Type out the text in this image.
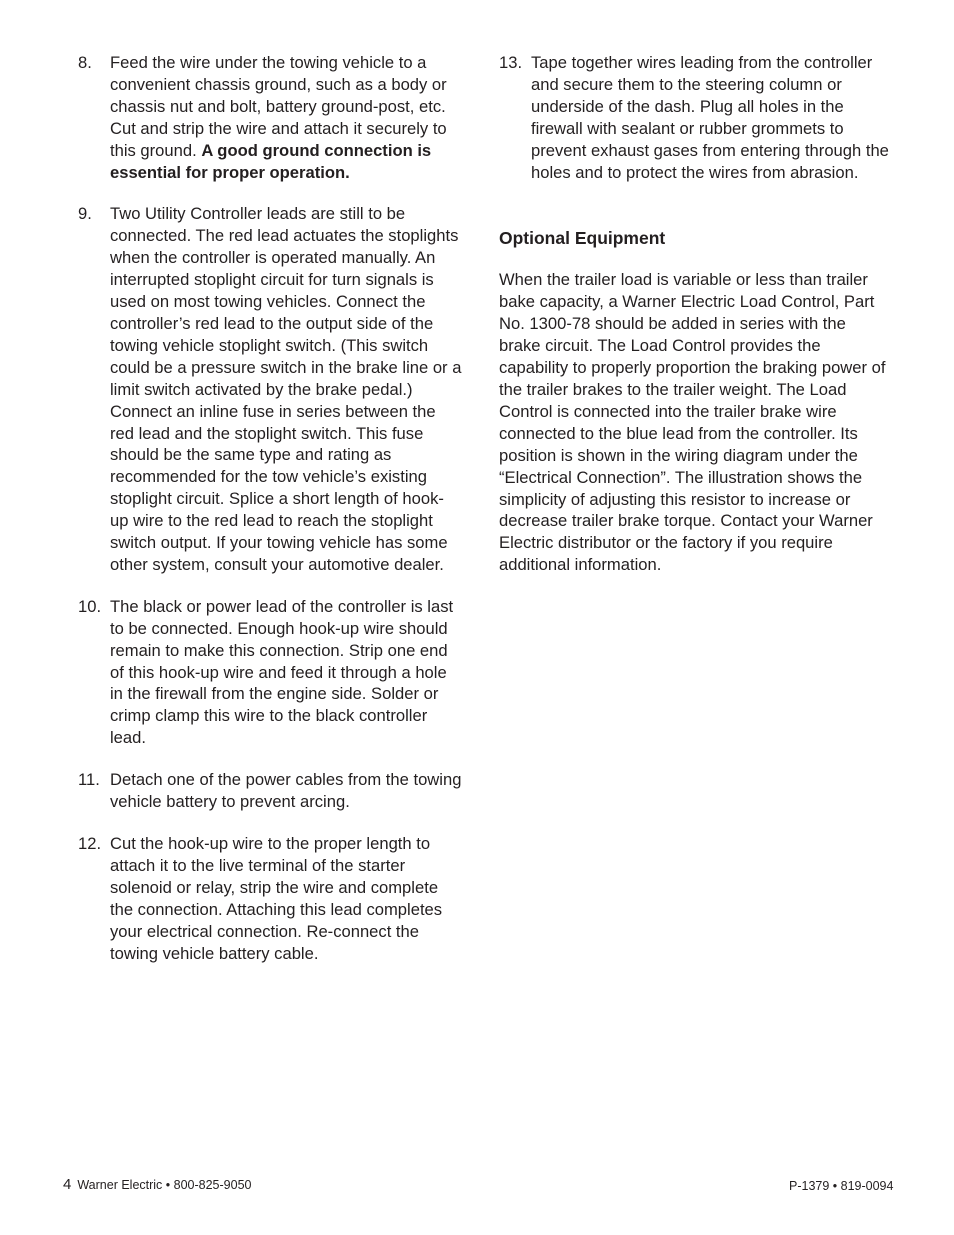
8. Feed the wire under the towing vehicle to a convenient chassis ground, such as a body or chassis nut and bolt, battery ground-post, etc. Cut and strip the wire and attach it securely to this ground. A good ground connection is essential for proper operation.
9. Two Utility Controller leads are still to be connected. The red lead actuates the stoplights when the controller is operated manually. An interrupted stoplight circuit for turn signals is used on most towing vehicles. Connect the controller’s red lead to the output side of the towing vehicle stoplight switch. (This switch could be a pressure switch in the brake line or a limit switch activated by the brake pedal.) Connect an inline fuse in series between the red lead and the stoplight switch. This fuse should be the same type and rating as recommended for the tow vehicle’s existing stoplight circuit. Splice a short length of hook-up wire to the red lead to reach the stoplight switch output. If your towing vehicle has some other system, consult your automotive dealer.
10. The black or power lead of the controller is last to be connected. Enough hook-up wire should remain to make this connection. Strip one end of this hook-up wire and feed it through a hole in the firewall from the engine side. Solder or crimp clamp this wire to the black controller lead.
11. Detach one of the power cables from the towing vehicle battery to prevent arcing.
12. Cut the hook-up wire to the proper length to attach it to the live terminal of the starter solenoid or relay, strip the wire and complete the connection. Attaching this lead completes your electrical connection. Re-connect the towing vehicle battery cable.
13. Tape together wires leading from the controller and secure them to the steering column or underside of the dash. Plug all holes in the firewall with sealant or rubber grommets to prevent exhaust gases from entering through the holes and to protect the wires from abrasion.
Optional Equipment

When the trailer load is variable or less than trailer bake capacity, a Warner Electric Load Control, Part No. 1300-78 should be added in series with the brake circuit. The Load Control provides the capability to properly proportion the braking power of the trailer brakes to the trailer weight. The Load Control is connected into the trailer brake wire connected to the blue lead from the controller. Its position is shown in the wiring diagram under the “Electrical Connection”. The illustration shows the simplicity of adjusting this resistor to increase or decrease trailer brake torque. Contact your Warner Electric distributor or the factory if you require additional information.

4 Warner Electric • 800-825-9050	P-1379 • 819-0094
